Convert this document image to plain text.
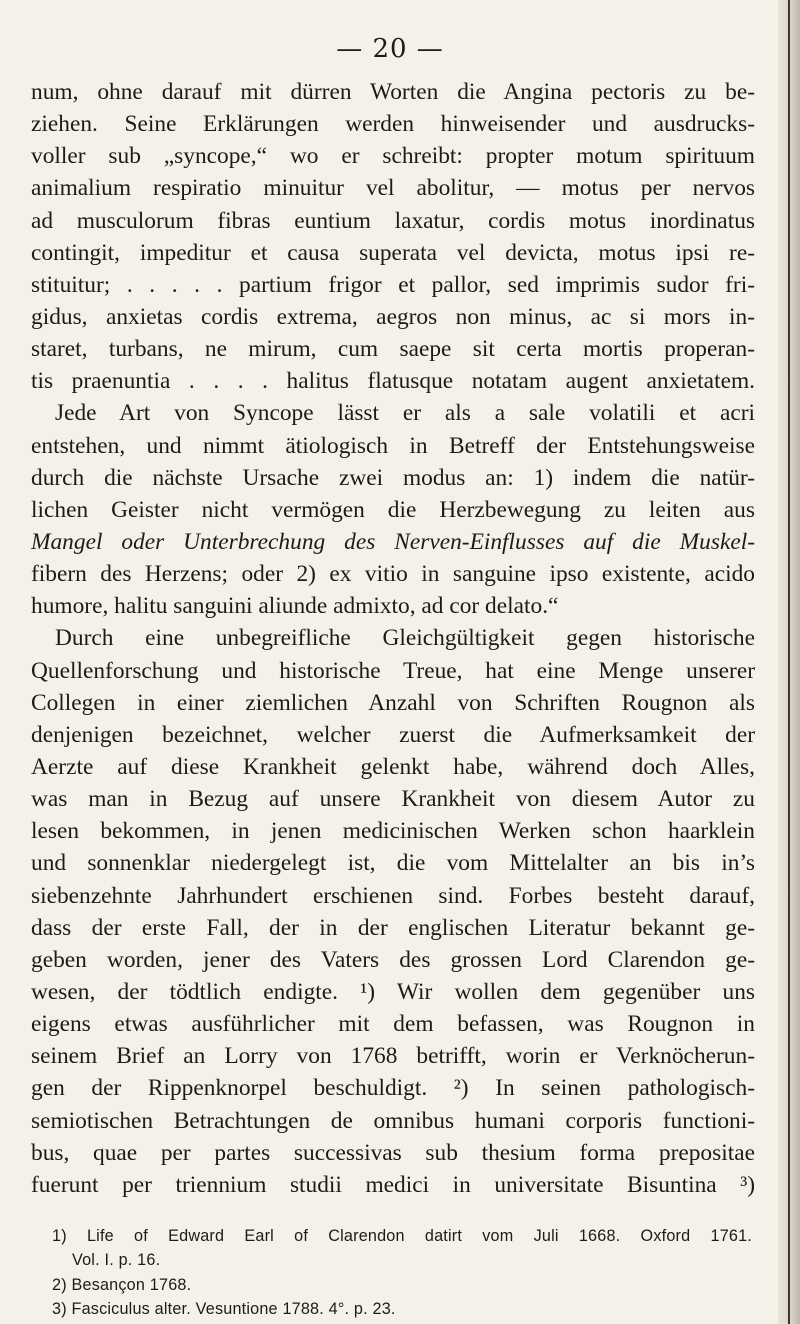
— 20 —
num, ohne darauf mit dürren Worten die Angina pectoris zu be-
ziehen. Seine Erklärungen werden hinweisender und ausdrucks-
voller sub „syncope,“ wo er schreibt: propter motum spirituum
animalium respiratio minuitur vel abolitur, — motus per nervos
ad musculorum fibras euntium laxatur, cordis motus inordinatus
contingit, impeditur et causa superata vel devicta, motus ipsi re-
stituitur; . . . . . partium frigor et pallor, sed imprimis sudor fri-
gidus, anxietas cordis extrema, aegros non minus, ac si mors in-
staret, turbans, ne mirum, cum saepe sit certa mortis properan-
tis praenuntia . . . . halitus flatusque notatam augent anxietatem.
Jede Art von Syncope lässt er als a sale volatili et acri
entstehen, und nimmt ätiologisch in Betreff der Entstehungsweise
durch die nächste Ursache zwei modus an: 1) indem die natür-
lichen Geister nicht vermögen die Herzbewegung zu leiten aus
Mangel oder Unterbrechung des Nerven-Einflusses auf die Muskel-
fibern des Herzens; oder 2) ex vitio in sanguine ipso existente, acido
humore, halitu sanguini aliunde admixto, ad cor delato.“
Durch eine unbegreifliche Gleichgültigkeit gegen historische
Quellenforschung und historische Treue, hat eine Menge unserer
Collegen in einer ziemlichen Anzahl von Schriften Rougnon als
denjenigen bezeichnet, welcher zuerst die Aufmerksamkeit der
Aerzte auf diese Krankheit gelenkt habe, während doch Alles,
was man in Bezug auf unsere Krankheit von diesem Autor zu
lesen bekommen, in jenen medicinischen Werken schon haarklein
und sonnenklar niedergelegt ist, die vom Mittelalter an bis in’s
siebenzehnte Jahrhundert erschienen sind. Forbes besteht darauf,
dass der erste Fall, der in der englischen Literatur bekannt ge-
geben worden, jener des Vaters des grossen Lord Clarendon ge-
wesen, der tödtlich endigte. ¹) Wir wollen dem gegenüber uns
eigens etwas ausführlicher mit dem befassen, was Rougnon in
seinem Brief an Lorry von 1768 betrifft, worin er Verknöcherun-
gen der Rippenknorpel beschuldigt. ²) In seinen pathologisch-
semiotischen Betrachtungen de omnibus humani corporis functioni-
bus, quae per partes successivas sub thesium forma prepositae
fuerunt per triennium studii medici in universitate Bisuntina ³)
1) Life of Edward Earl of Clarendon datirt vom Juli 1668. Oxford 1761.
Vol. I. p. 16.
2) Besançon 1768.
3) Fasciculus alter. Vesuntione 1788. 4°. p. 23.
